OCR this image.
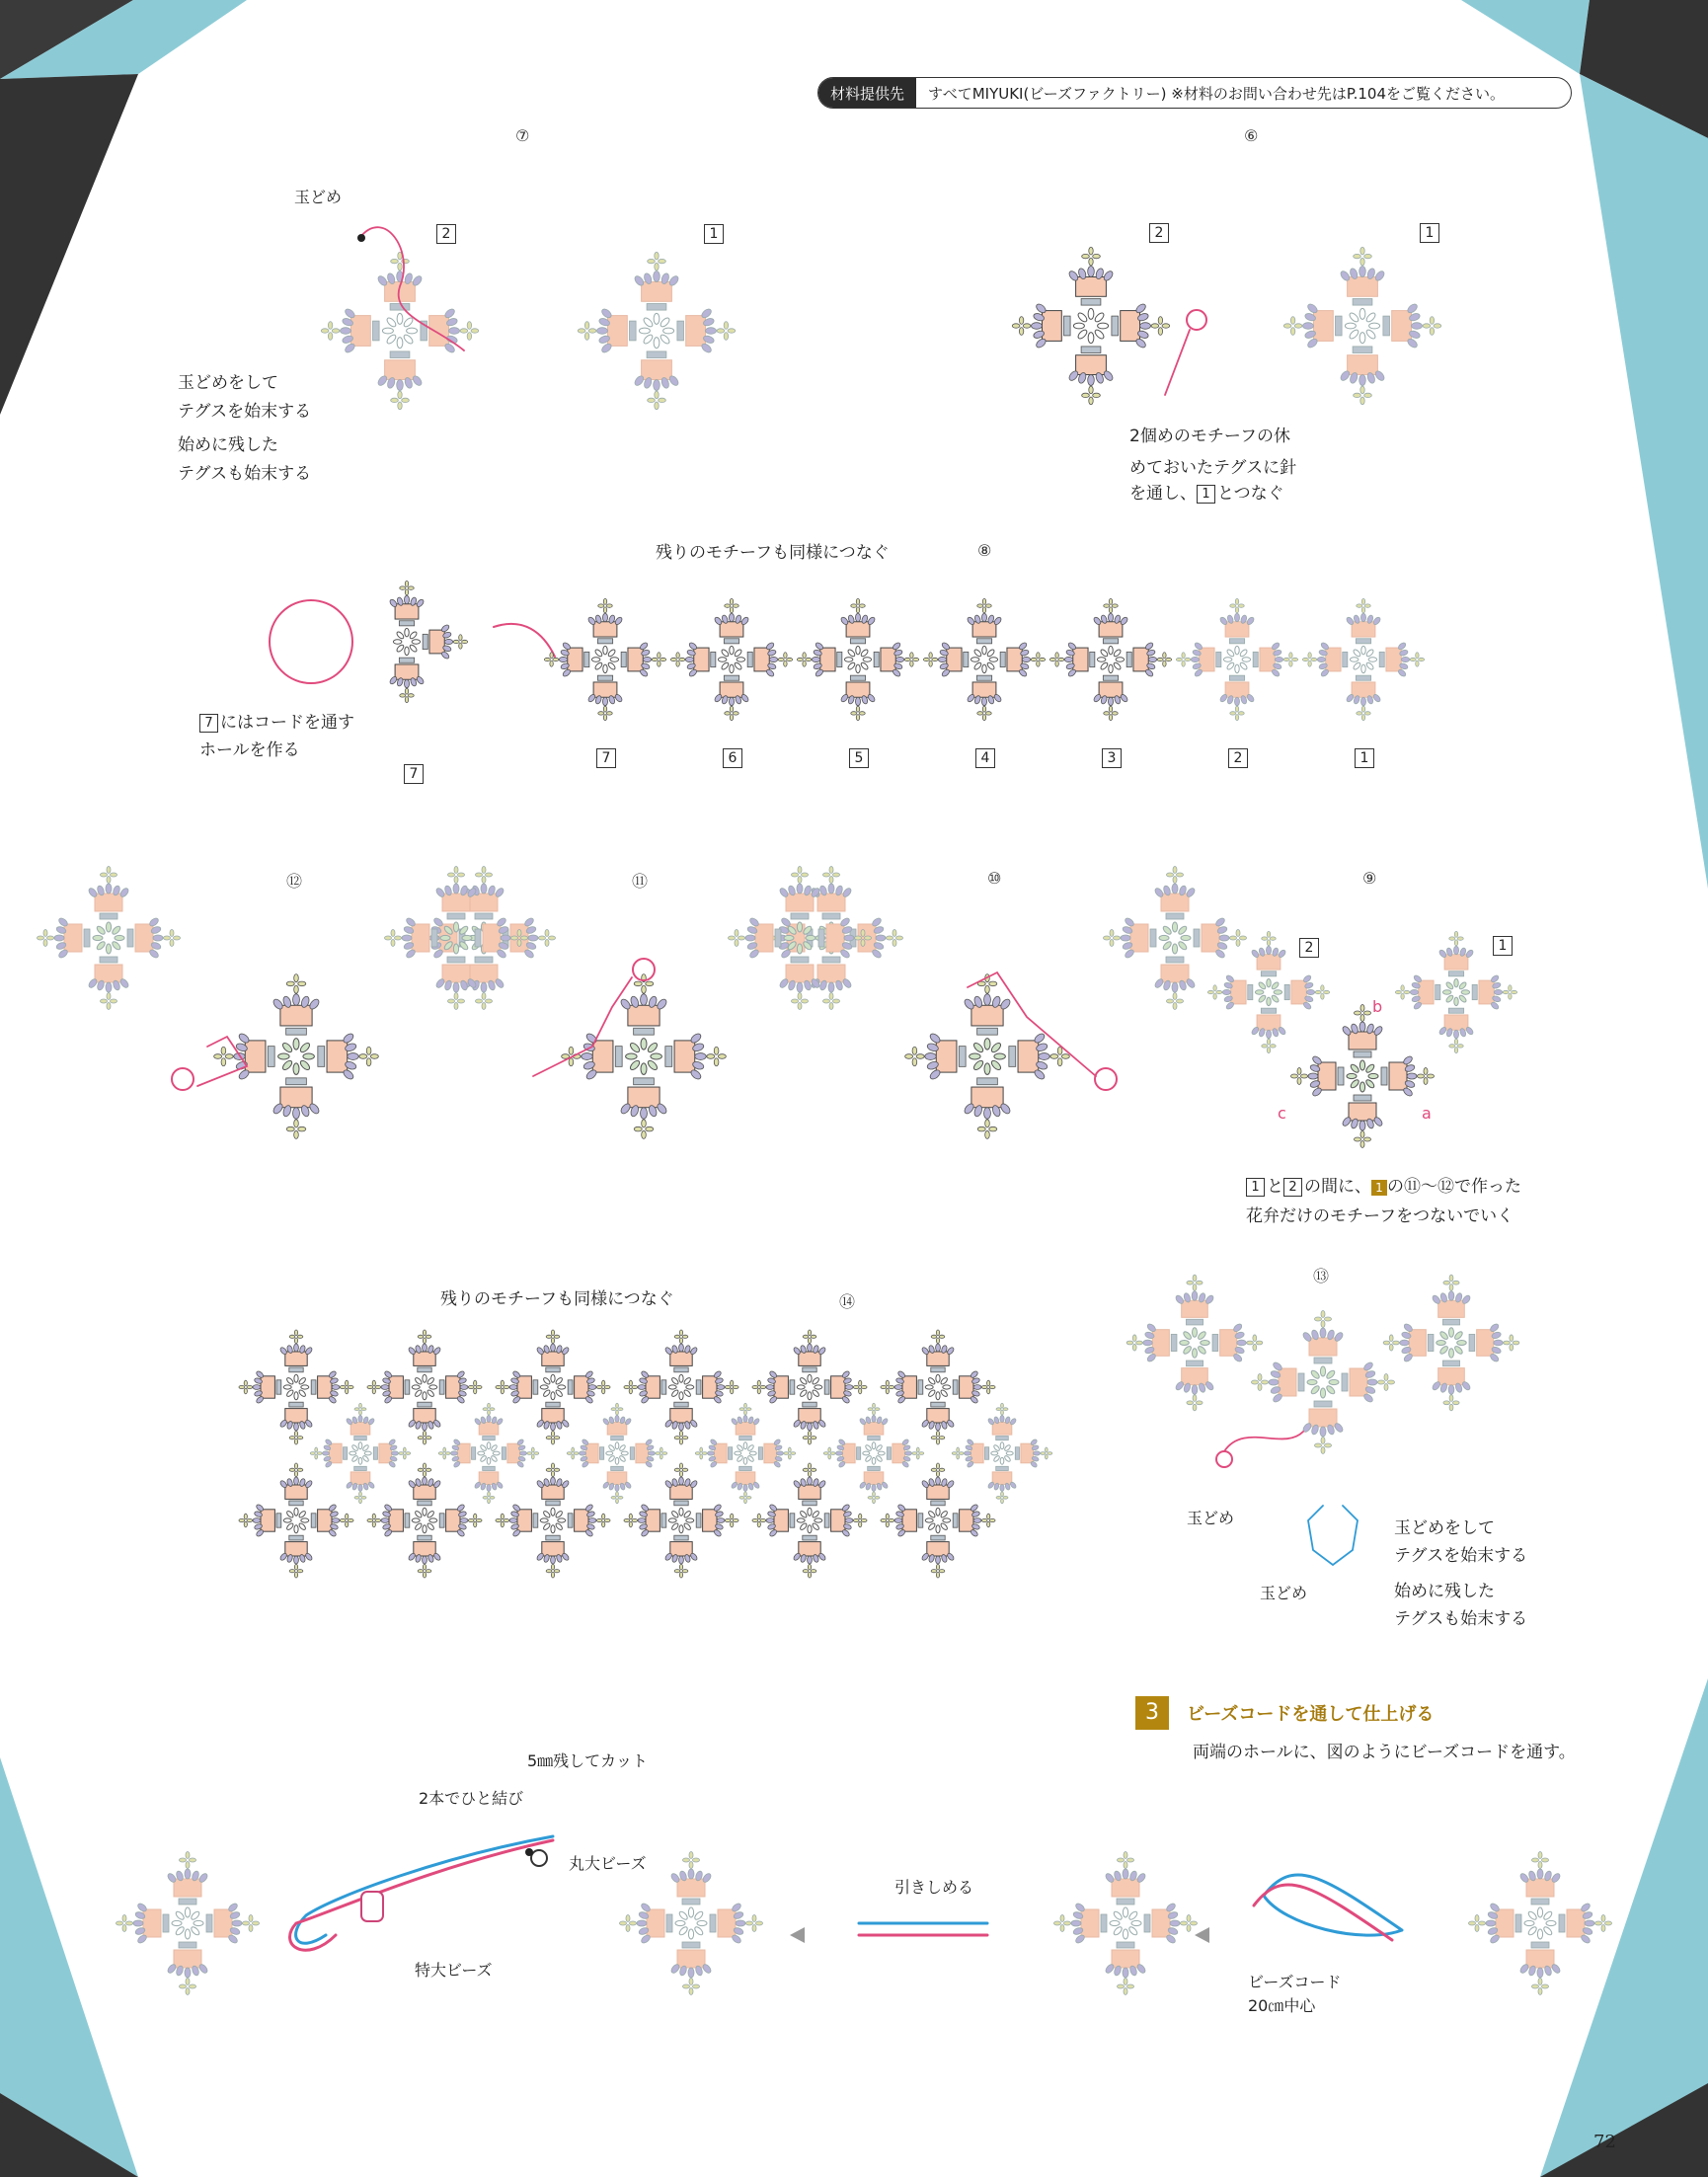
材料提供先	すべてMIYUKI(ビーズファクトリー) ※材料のお問い合わせ先はP.104をご覧ください。
⑦	⑥
⑧
⑫	⑪	⑩	⑨
⑬
⑭
玉どめ
2	1
玉どめをして
テグスを始末する
始めに残した
テグスも始末する
2	1
2個めのモチーフの休
めておいたテグスに針
を通し、 1 とつなぐ
残りのモチーフも同様につなぐ
7 にはコードを通す
ホールを作る
7
7	6	5	4	3	2	1
2	1
a
b
c
1 と 2 の間に、 1 の⑪〜⑫で作った
花弁だけのモチーフをつないでいく
玉どめ
玉どめ
玉どめをして
テグスを始末する
始めに残した
テグスも始末する
残りのモチーフも同様につなぐ
3	ビーズコードを通して仕上げる
両端のホールに、図のようにビーズコードを通す。
5㎜残してカット
2本でひと結び
丸大ビーズ
特大ビーズ
引きしめる
ビーズコード
20㎝中心
72
